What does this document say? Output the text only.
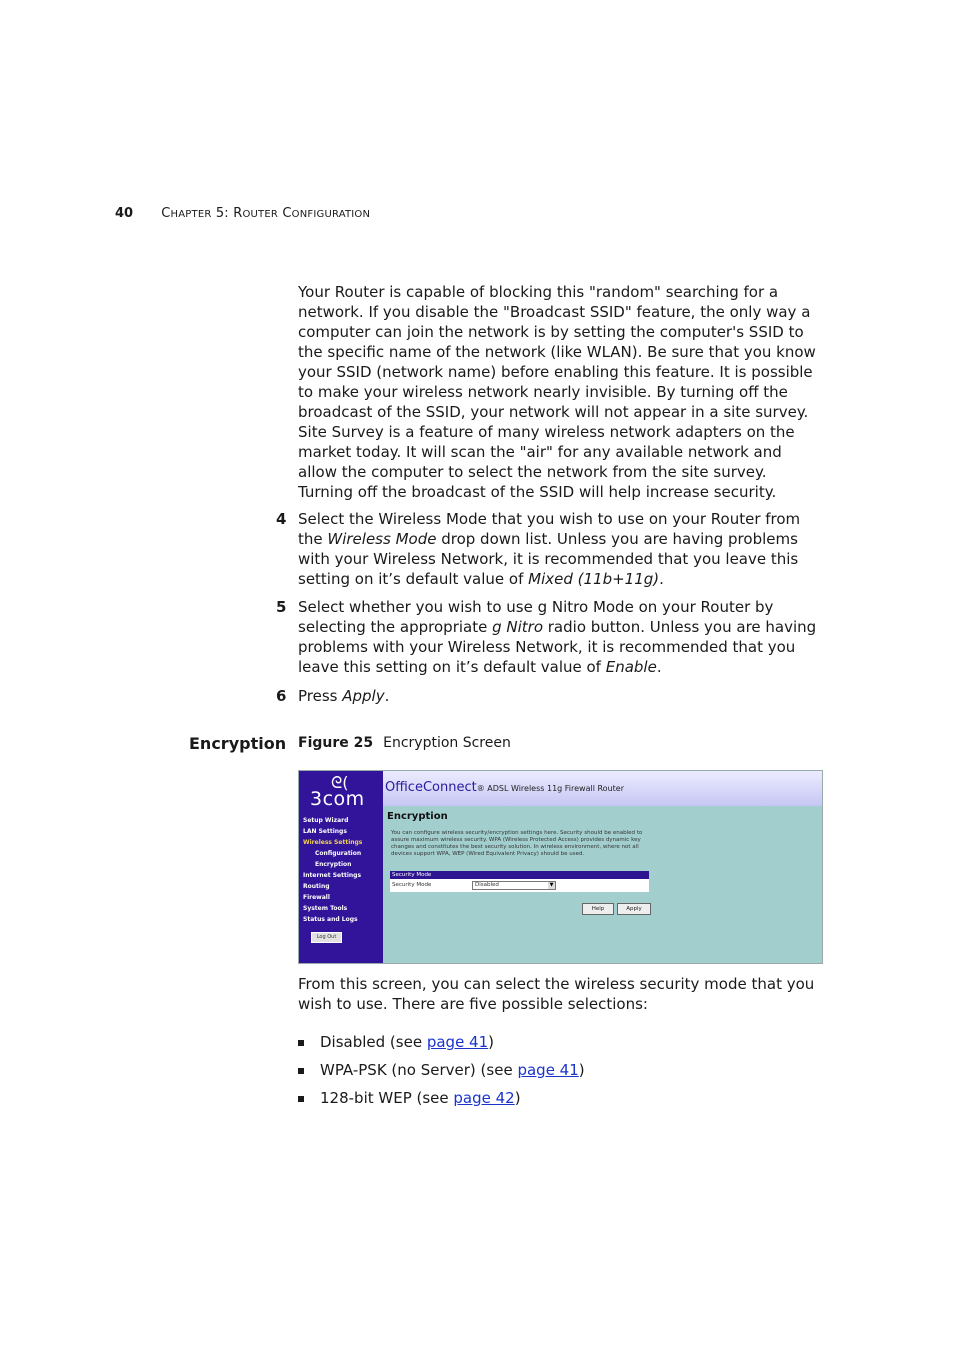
40 CHAPTER 5: ROUTER CONFIGURATION

Your Router is capable of blocking this "random" searching for a network. If you disable the "Broadcast SSID" feature, the only way a computer can join the network is by setting the computer's SSID to the specific name of the network (like WLAN). Be sure that you know your SSID (network name) before enabling this feature. It is possible to make your wireless network nearly invisible. By turning off the broadcast of the SSID, your network will not appear in a site survey. Site Survey is a feature of many wireless network adapters on the market today. It will scan the "air" for any available network and allow the computer to select the network from the site survey. Turning off the broadcast of the SSID will help increase security.

4 Select the Wireless Mode that you wish to use on your Router from the Wireless Mode drop down list. Unless you are having problems with your Wireless Network, it is recommended that you leave this setting on it’s default value of Mixed (11b+11g).
5 Select whether you wish to use g Nitro Mode on your Router by selecting the appropriate g Nitro radio button. Unless you are having problems with your Wireless Network, it is recommended that you leave this setting on it’s default value of Enable.
6 Press Apply.
Encryption Figure 25 Encryption Screen
ᘓ(
3com
Setup Wizard
LAN Settings
Wireless Settings
Configuration
Encryption
Internet Settings
Routing
Firewall
System Tools
Status and Logs
Log Out
OfficeConnect® ADSL Wireless 11g Firewall Router
Encryption
You can configure wireless security/encryption settings here. Security should be enabled to assure maximum wireless security. WPA (Wireless Protected Access) provides dynamic key changes and constitutes the best security solution. In wireless environment, where not all devices support WPA, WEP (Wired Equivalent Privacy) should be used.
Security Mode
Security Mode	Disabled	▼
Help	Apply

From this screen, you can select the wireless security mode that you wish to use. There are five possible selections:

Disabled (see page 41)
WPA-PSK (no Server) (see page 41)
128-bit WEP (see page 42)
